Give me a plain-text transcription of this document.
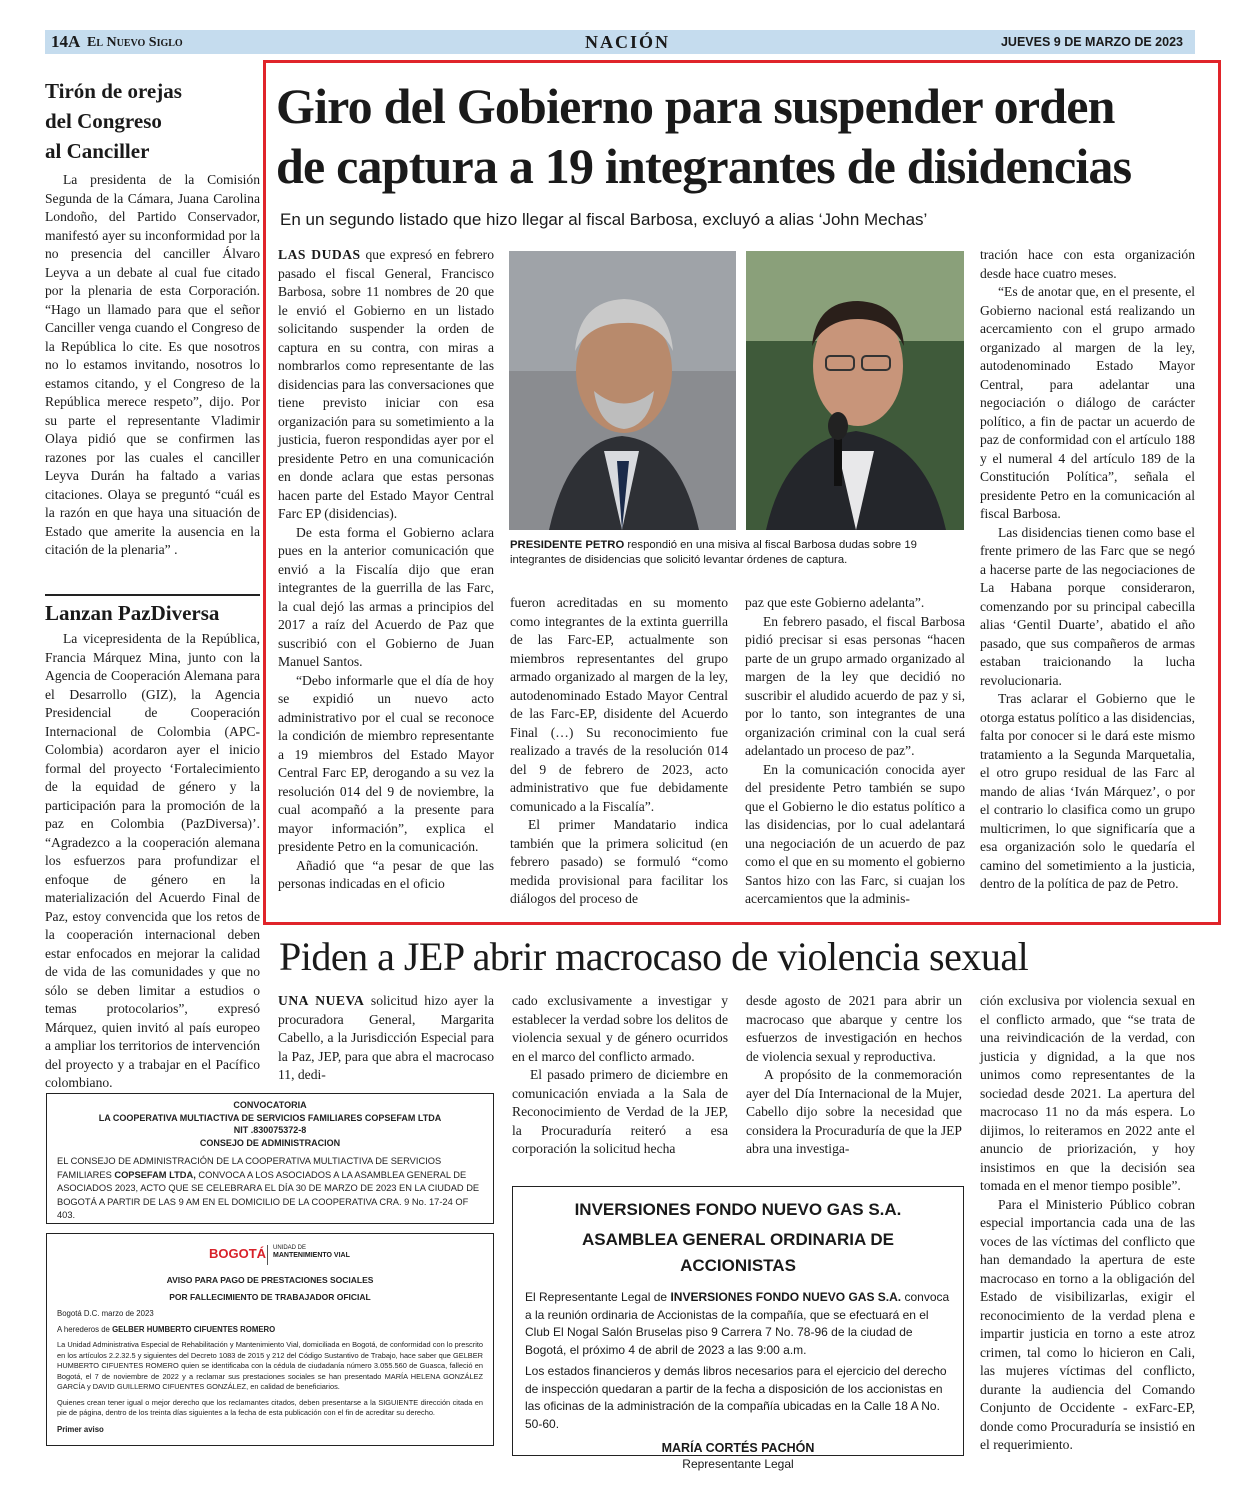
14A El Nuevo Siglo	NACIÓN	JUEVES 9 DE MARZO DE 2023
Tirón de orejas
del Congreso
al Canciller

La presidenta de la Comisión Segunda de la Cámara, Juana Carolina Londoño, del Partido Conservador, manifestó ayer su inconformidad por la no presencia del canciller Álvaro Leyva a un debate al cual fue citado por la plenaria de esta Corporación. “Hago un llamado para que el señor Canciller venga cuando el Congreso de la República lo cite. Es que nosotros no lo estamos invitando, nosotros lo estamos citando, y el Congreso de la República merece respeto”, dijo. Por su parte el representante Vladimir Olaya pidió que se confirmen las razones por las cuales el canciller Leyva Durán ha faltado a varias citaciones. Olaya se preguntó “cuál es la razón en que haya una situación de Estado que amerite la ausencia en la citación de la plenaria” .

Lanzan PazDiversa

La vicepresidenta de la República, Francia Márquez Mina, junto con la Agencia de Cooperación Alemana para el Desarrollo (GIZ), la Agencia Presidencial de Cooperación Internacional de Colombia (APC-Colombia) acordaron ayer el inicio formal del proyecto ‘Fortalecimiento de la equidad de género y la participación para la promoción de la paz en Colombia (PazDiversa)’. “Agradezco a la cooperación alemana los esfuerzos para profundizar el enfoque de género en la materialización del Acuerdo Final de Paz, estoy convencida que los retos de la cooperación internacional deben estar enfocados en mejorar la calidad de vida de las comunidades y que no sólo se deben limitar a estudios o temas protocolarios”, expresó Márquez, quien invitó al país europeo a ampliar los territorios de intervención del proyecto y a trabajar en el Pacífico colombiano.

Giro del Gobierno para suspender orden
de captura a 19 integrantes de disidencias
En un segundo listado que hizo llegar al fiscal Barbosa, excluyó a alias ‘John Mechas’

LAS DUDAS que expresó en febrero pasado el fiscal General, Francisco Barbosa, sobre 11 nombres de 20 que le envió el Gobierno en un listado solicitando suspender la orden de captura en su contra, con miras a nombrarlos como representante de las disidencias para las conversaciones que tiene previsto iniciar con esa organización para su sometimiento a la justicia, fueron respondidas ayer por el presidente Petro en una comunicación en donde aclara que estas personas hacen parte del Estado Mayor Central Farc EP (disidencias).

De esta forma el Gobierno aclara pues en la anterior comunicación que envió a la Fiscalía dijo que eran integrantes de la guerrilla de las Farc, la cual dejó las armas a principios del 2017 a raíz del Acuerdo de Paz que suscribió con el Gobierno de Juan Manuel Santos.

“Debo informarle que el día de hoy se expidió un nuevo acto administrativo por el cual se reconoce la condición de miembro representante a 19 miembros del Estado Mayor Central Farc EP, derogando a su vez la resolución 014 del 9 de noviembre, la cual acompañó a la presente para mayor información”, explica el presidente Petro en la comunicación.

Añadió que “a pesar de que las personas indicadas en el oficio

PRESIDENTE PETRO respondió en una misiva al fiscal Barbosa dudas sobre 19 integrantes de disidencias que solicitó levantar órdenes de captura.

fueron acreditadas en su momento como integrantes de la extinta guerrilla de las Farc-EP, actualmente son miembros representantes del grupo armado organizado al margen de la ley, autodenominado Estado Mayor Central de las Farc-EP, disidente del Acuerdo Final (…) Su reconocimiento fue realizado a través de la resolución 014 del 9 de febrero de 2023, acto administrativo que fue debidamente comunicado a la Fiscalía”.

El primer Mandatario indica también que la primera solicitud (en febrero pasado) se formuló “como medida provisional para facilitar los diálogos del proceso de

paz que este Gobierno adelanta”.

En febrero pasado, el fiscal Barbosa pidió precisar si esas personas “hacen parte de un grupo armado organizado al margen de la ley que decidió no suscribir el aludido acuerdo de paz y si, por lo tanto, son integrantes de una organización criminal con la cual será adelantado un proceso de paz”.

En la comunicación conocida ayer del presidente Petro también se supo que el Gobierno le dio estatus político a las disidencias, por lo cual adelantará una negociación de un acuerdo de paz como el que en su momento el gobierno Santos hizo con las Farc, si cuajan los acercamientos que la adminis-

tración hace con esta organización desde hace cuatro meses.

“Es de anotar que, en el presente, el Gobierno nacional está realizando un acercamiento con el grupo armado organizado al margen de la ley, autodenominado Estado Mayor Central, para adelantar una negociación o diálogo de carácter político, a fin de pactar un acuerdo de paz de conformidad con el artículo 188 y el numeral 4 del artículo 189 de la Constitución Política”, señala el presidente Petro en la comunicación al fiscal Barbosa.

Las disidencias tienen como base el frente primero de las Farc que se negó a hacerse parte de las negociaciones de La Habana porque consideraron, comenzando por su principal cabecilla alias ‘Gentil Duarte’, abatido el año pasado, que sus compañeros de armas estaban traicionando la lucha revolucionaria.

Tras aclarar el Gobierno que le otorga estatus político a las disidencias, falta por conocer si le dará este mismo tratamiento a la Segunda Marquetalia, el otro grupo residual de las Farc al mando de alias ‘Iván Márquez’, o por el contrario lo clasifica como un grupo multicrimen, lo que significaría que a esa organización solo le quedaría el camino del sometimiento a la justicia, dentro de la política de paz de Petro.

Piden a JEP abrir macrocaso de violencia sexual

UNA NUEVA solicitud hizo ayer la procuradora General, Margarita Cabello, a la Jurisdicción Especial para la Paz, JEP, para que abra el macrocaso 11, dedi-

cado exclusivamente a investigar y establecer la verdad sobre los delitos de violencia sexual y de género ocurridos en el marco del conflicto armado.

El pasado primero de diciembre en comunicación enviada a la Sala de Reconocimiento de Verdad de la JEP, la Procuraduría reiteró a esa corporación la solicitud hecha

desde agosto de 2021 para abrir un macrocaso que abarque y centre los esfuerzos de investigación en hechos de violencia sexual y reproductiva.

A propósito de la conmemoración ayer del Día Internacional de la Mujer, Cabello dijo sobre la necesidad que considera la Procuraduría de que la JEP abra una investiga-

ción exclusiva por violencia sexual en el conflicto armado, que “se trata de una reivindicación de la verdad, con justicia y dignidad, a la que nos unimos como representantes de la sociedad desde 2021. La apertura del macrocaso 11 no da más espera. Lo dijimos, lo reiteramos en 2022 ante el anuncio de priorización, y hoy insistimos en que la decisión sea tomada en el menor tiempo posible”.

Para el Ministerio Público cobran especial importancia cada una de las voces de las víctimas del conflicto que han demandado la apertura de este macrocaso en torno a la obligación del Estado de visibilizarlas, exigir el reconocimiento de la verdad plena e impartir justicia en torno a este atroz crimen, tal como lo hicieron en Cali, las mujeres víctimas del conflicto, durante la audiencia del Comando Conjunto de Occidente - exFarc-EP, donde como Procuraduría se insistió en el requerimiento.

CONVOCATORIA
LA COOPERATIVA MULTIACTIVA DE SERVICIOS FAMILIARES COPSEFAM LTDA
NIT .830075372-8
CONSEJO DE ADMINISTRACION
EL CONSEJO DE ADMINISTRACIÓN DE LA COOPERATIVA MULTIACTIVA DE SERVICIOS FAMILIARES COPSEFAM LTDA, CONVOCA A LOS ASOCIADOS A LA ASAMBLEA GENERAL DE ASOCIADOS 2023, ACTO QUE SE CELEBRARA EL DÍA 30 DE MARZO DE 2023 EN LA CIUDAD DE BOGOTÁ A PARTIR DE LAS 9 AM EN EL DOMICILIO DE LA COOPERATIVA CRA. 9 No. 17-24 OF 403.
BOGOTÁ UNIDAD DE
MANTENIMIENTO VIAL
AVISO PARA PAGO DE PRESTACIONES SOCIALES
POR FALLECIMIENTO DE TRABAJADOR OFICIAL
Bogotá D.C. marzo de 2023
A herederos de GELBER HUMBERTO CIFUENTES ROMERO
La Unidad Administrativa Especial de Rehabilitación y Mantenimiento Vial, domiciliada en Bogotá, de conformidad con lo prescrito en los artículos 2.2.32.5 y siguientes del Decreto 1083 de 2015 y 212 del Código Sustantivo de Trabajo, hace saber que GELBER HUMBERTO CIFUENTES ROMERO quien se identificaba con la cédula de ciudadanía número 3.055.560 de Guasca, falleció en Bogotá, el 7 de noviembre de 2022 y a reclamar sus prestaciones sociales se han presentado MARÍA HELENA GONZÁLEZ GARCÍA y DAVID GUILLERMO CIFUENTES GONZÁLEZ, en calidad de beneficiarios.
Quienes crean tener igual o mejor derecho que los reclamantes citados, deben presentarse a la SIGUIENTE dirección citada en pie de página, dentro de los treinta días siguientes a la fecha de esta publicación con el fin de acreditar su derecho.
Primer aviso
INVERSIONES FONDO NUEVO GAS S.A.
ASAMBLEA GENERAL ORDINARIA DE ACCIONISTAS
El Representante Legal de INVERSIONES FONDO NUEVO GAS S.A. convoca a la reunión ordinaria de Accionistas de la compañía, que se efectuará en el Club El Nogal Salón Bruselas piso 9 Carrera 7 No. 78-96 de la ciudad de Bogotá, el próximo 4 de abril de 2023 a las 9:00 a.m.
Los estados financieros y demás libros necesarios para el ejercicio del derecho de inspección quedaran a partir de la fecha a disposición de los accionistas en las oficinas de la administración de la compañía ubicadas en la Calle 18 A No. 50-60.
MARÍA CORTÉS PACHÓN
Representante Legal
